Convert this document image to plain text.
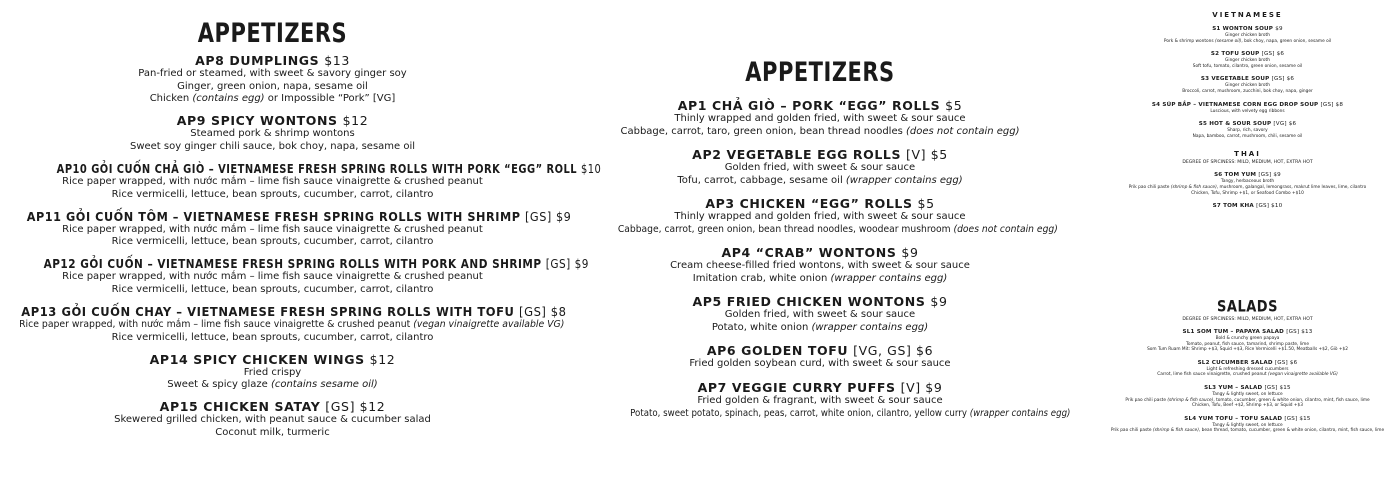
APPETIZERS
AP8 DUMPLINGS $13
Pan-fried or steamed, with sweet & savory ginger soy
Ginger, green onion, napa, sesame oil
Chicken (contains egg) or Impossible “Pork” [VG]
AP9 SPICY WONTONS $12
Steamed pork & shrimp wontons
Sweet soy ginger chili sauce, bok choy, napa, sesame oil
AP10 GỎI CUỐN CHẢ GIÒ – VIETNAMESE FRESH SPRING ROLLS WITH PORK “EGG” ROLL $10
Rice paper wrapped, with nước mắm – lime fish sauce vinaigrette & crushed peanut
Rice vermicelli, lettuce, bean sprouts, cucumber, carrot, cilantro
AP11 GỎI CUỐN TÔM – VIETNAMESE FRESH SPRING ROLLS WITH SHRIMP [GS] $9
Rice paper wrapped, with nước mắm – lime fish sauce vinaigrette & crushed peanut
Rice vermicelli, lettuce, bean sprouts, cucumber, carrot, cilantro
AP12 GỎI CUỐN – VIETNAMESE FRESH SPRING ROLLS WITH PORK AND SHRIMP [GS] $9
Rice paper wrapped, with nước mắm – lime fish sauce vinaigrette & crushed peanut
Rice vermicelli, lettuce, bean sprouts, cucumber, carrot, cilantro
AP13 GỎI CUỐN CHAY – VIETNAMESE FRESH SPRING ROLLS WITH TOFU [GS] $8
Rice paper wrapped, with nước mắm – lime fish sauce vinaigrette & crushed peanut (vegan vinaigrette available VG)
Rice vermicelli, lettuce, bean sprouts, cucumber, carrot, cilantro
AP14 SPICY CHICKEN WINGS $12
Fried crispy
Sweet & spicy glaze (contains sesame oil)
AP15 CHICKEN SATAY [GS] $12
Skewered grilled chicken, with peanut sauce & cucumber salad
Coconut milk, turmeric
APPETIZERS
AP1 CHẢ GIÒ – PORK “EGG” ROLLS $5
Thinly wrapped and golden fried, with sweet & sour sauce
Cabbage, carrot, taro, green onion, bean thread noodles (does not contain egg)
AP2 VEGETABLE EGG ROLLS [V] $5
Golden fried, with sweet & sour sauce
Tofu, carrot, cabbage, sesame oil (wrapper contains egg)
AP3 CHICKEN “EGG” ROLLS $5
Thinly wrapped and golden fried, with sweet & sour sauce
Cabbage, carrot, green onion, bean thread noodles, woodear mushroom (does not contain egg)
AP4 “CRAB” WONTONS $9
Cream cheese-filled fried wontons, with sweet & sour sauce
Imitation crab, white onion (wrapper contains egg)
AP5 FRIED CHICKEN WONTONS $9
Golden fried, with sweet & sour sauce
Potato, white onion (wrapper contains egg)
AP6 GOLDEN TOFU [VG, GS] $6
Fried golden soybean curd, with sweet & sour sauce
AP7 VEGGIE CURRY PUFFS [V] $9
Fried golden & fragrant, with sweet & sour sauce
Potato, sweet potato, spinach, peas, carrot, white onion, cilantro, yellow curry (wrapper contains egg)
VIETNAMESE
S1 WONTON SOUP $9
Ginger chicken broth
Pork & shrimp wontons (sesame oil), bok choy, napa, green onion, sesame oil
S2 TOFU SOUP [GS] $6
Ginger chicken broth
Soft tofu, tomato, cilantro, green onion, sesame oil
S3 VEGETABLE SOUP [GS] $6
Ginger chicken broth
Broccoli, carrot, mushroom, zucchini, bok choy, napa, ginger
S4 SÚP BẮP – VIETNAMESE CORN EGG DROP SOUP [GS] $8
Luscious, with velvety egg ribbons
S5 HOT & SOUR SOUP [VG] $6
Sharp, rich, savory
Napa, bamboo, carrot, mushroom, chili, sesame oil
THAI
DEGREE OF SPICINESS: MILD, MEDIUM, HOT, EXTRA HOT
S6 TOM YUM [GS] $9
Tangy, herbaceous broth
Prik pao chili paste (shrimp & fish sauce), mushroom, galangal, lemongrass, makrut lime leaves, lime, cilantro
Chicken, Tofu, Shrimp +$1, or Seafood Combo +$10
S7 TOM KHA [GS] $10
SALADS
DEGREE OF SPICINESS: MILD, MEDIUM, HOT, EXTRA HOT
SL1 SOM TUM – PAPAYA SALAD [GS] $13
Bold & crunchy green papaya
Tomato, peanut, fish sauce, tamarind, shrimp paste, lime
Som Tum Ruam Mit: Shrimp +$3, Squid +$3, Rice Vermicelli +$1.50, Meatballs +$2, Giò +$2
SL2 CUCUMBER SALAD [GS] $6
Light & refreshing dressed cucumbers
Carrot, lime fish sauce vinaigrette, crushed peanut (vegan vinaigrette available VG)
SL3 YUM – SALAD [GS] $15
Tangy & lightly sweet, on lettuce
Prik pao chili paste (shrimp & fish sauce), tomato, cucumber, green & white onion, cilantro, mint, fish sauce, lime
Chicken, Tofu, Beef +$2, Shrimp +$3, or Squid +$3
SL4 YUM TOFU – TOFU SALAD [GS] $15
Tangy & lightly sweet, on lettuce
Prik pao chili paste (shrimp & fish sauce), bean thread, tomato, cucumber, green & white onion, cilantro, mint, fish sauce, lime
